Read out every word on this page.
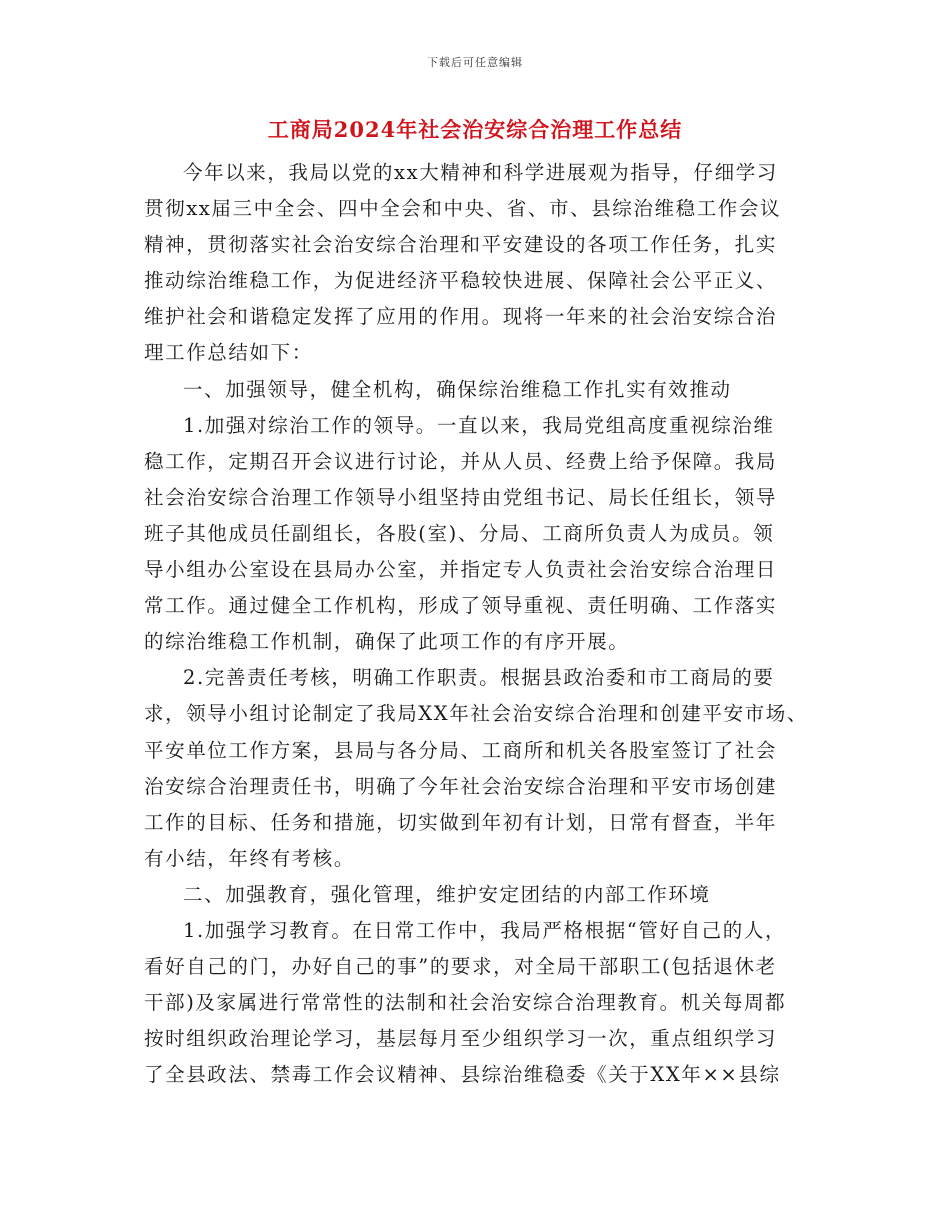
下载后可任意编辑
工商局2024年社会治安综合治理工作总结
今年以来，我局以党的xx大精神和科学进展观为指导，仔细学习
贯彻xx届三中全会、四中全会和中央、省、市、县综治维稳工作会议
精神，贯彻落实社会治安综合治理和平安建设的各项工作任务，扎实
推动综治维稳工作，为促进经济平稳较快进展、保障社会公平正义、
维护社会和谐稳定发挥了应用的作用。现将一年来的社会治安综合治
理工作总结如下：
一、加强领导，健全机构，确保综治维稳工作扎实有效推动
1.加强对综治工作的领导。一直以来，我局党组高度重视综治维
稳工作，定期召开会议进行讨论，并从人员、经费上给予保障。我局
社会治安综合治理工作领导小组坚持由党组书记、局长任组长，领导
班子其他成员任副组长，各股(室)、分局、工商所负责人为成员。领
导小组办公室设在县局办公室，并指定专人负责社会治安综合治理日
常工作。通过健全工作机构，形成了领导重视、责任明确、工作落实
的综治维稳工作机制，确保了此项工作的有序开展。
2.完善责任考核，明确工作职责。根据县政治委和市工商局的要
求，领导小组讨论制定了我局XX年社会治安综合治理和创建平安市场、
平安单位工作方案，县局与各分局、工商所和机关各股室签订了社会
治安综合治理责任书，明确了今年社会治安综合治理和平安市场创建
工作的目标、任务和措施，切实做到年初有计划，日常有督查，半年
有小结，年终有考核。
二、加强教育，强化管理，维护安定团结的内部工作环境
1.加强学习教育。在日常工作中，我局严格根据“管好自己的人，
看好自己的门，办好自己的事”的要求，对全局干部职工(包括退休老
干部)及家属进行常常性的法制和社会治安综合治理教育。机关每周都
按时组织政治理论学习，基层每月至少组织学习一次，重点组织学习
了全县政法、禁毒工作会议精神、县综治维稳委《关于XX年××县综
